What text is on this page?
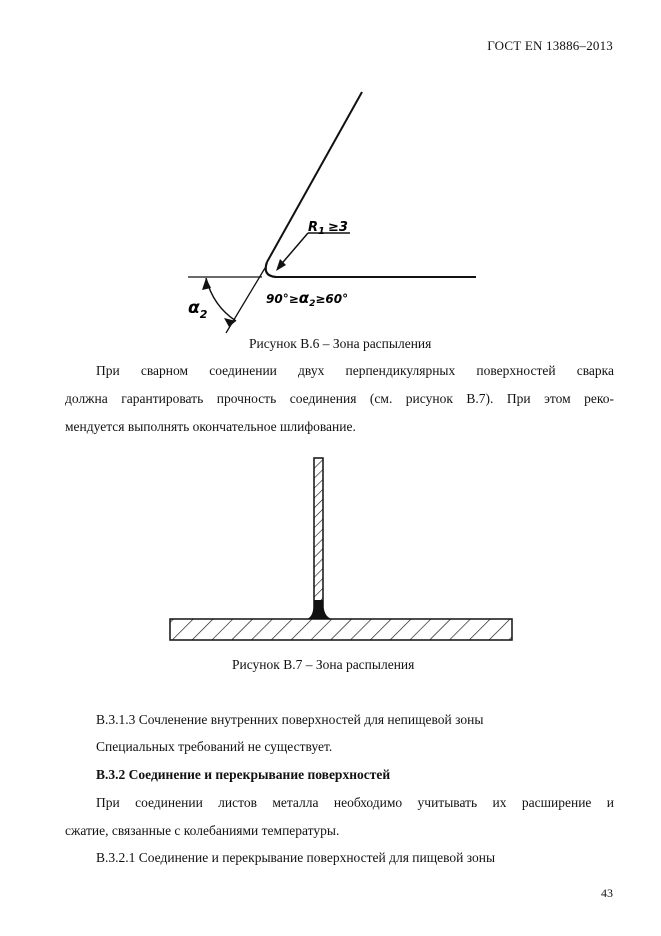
ГОСТ EN 13886–2013
$R_1 \ge 3$
$\alpha_2$
$90^\circ\ge\alpha_2\ge 60^\circ$
Рисунок В.6 – Зона распыления
При сварном соединении двух перпендикулярных поверхностей сварка
должна гарантировать прочность соединения (см. рисунок В.7). При этом реко-
мендуется выполнять окончательное шлифование.
Рисунок В.7 – Зона распыления
В.3.1.3 Сочленение внутренних поверхностей для непищевой зоны
Специальных требований не существует.
В.3.2 Соединение и перекрывание поверхностей
При соединении листов металла необходимо учитывать их расширение и
сжатие, связанные с колебаниями температуры.
В.3.2.1 Соединение и перекрывание поверхностей для пищевой зоны
43
